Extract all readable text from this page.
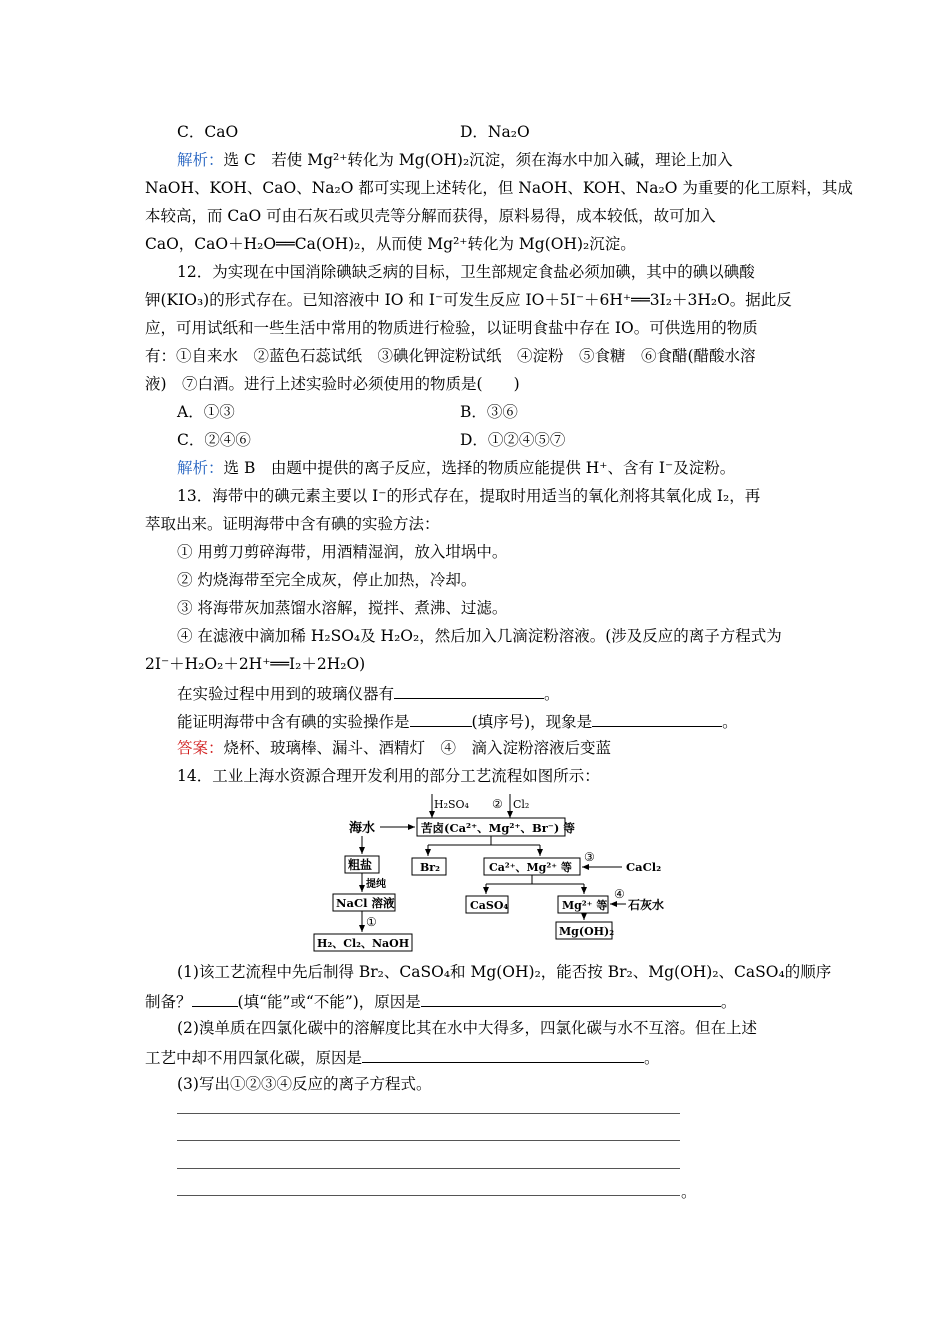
C．CaO	D．Na₂O
解析：选 C　若使 Mg²⁺转化为 Mg(OH)₂沉淀，须在海水中加入碱，理论上加入
NaOH、KOH、CaO、Na₂O 都可实现上述转化，但 NaOH、KOH、Na₂O 为重要的化工原料，其成
本较高，而 CaO 可由石灰石或贝壳等分解而获得，原料易得，成本较低，故可加入
CaO，CaO＋H₂O══Ca(OH)₂，从而使 Mg²⁺转化为 Mg(OH)₂沉淀。
12．为实现在中国消除碘缺乏病的目标，卫生部规定食盐必须加碘，其中的碘以碘酸
钾(KIO₃)的形式存在。已知溶液中 IO 和 I⁻可发生反应 IO＋5I⁻＋6H⁺══3I₂＋3H₂O。据此反
应，可用试纸和一些生活中常用的物质进行检验，以证明食盐中存在 IO。可供选用的物质
有：①自来水　②蓝色石蕊试纸　③碘化钾淀粉试纸　④淀粉　⑤食糖　⑥食醋(醋酸水溶
液)　⑦白酒。进行上述实验时必须使用的物质是(　　)
A．①③	B．③⑥
C．②④⑥	D．①②④⑤⑦
解析：选 B　由题中提供的离子反应，选择的物质应能提供 H⁺、含有 I⁻及淀粉。
13．海带中的碘元素主要以 I⁻的形式存在，提取时用适当的氧化剂将其氧化成 I₂，再
萃取出来。证明海带中含有碘的实验方法：
① 用剪刀剪碎海带，用酒精湿润，放入坩埚中。
② 灼烧海带至完全成灰，停止加热，冷却。
③ 将海带灰加蒸馏水溶解，搅拌、煮沸、过滤。
④ 在滤液中滴加稀 H₂SO₄及 H₂O₂，然后加入几滴淀粉溶液。(涉及反应的离子方程式为
2I⁻＋H₂O₂＋2H⁺══I₂＋2H₂O)
在实验过程中用到的玻璃仪器有	。
能证明海带中含有碘的实验操作是	(填序号)，现象是	。
答案：烧杯、玻璃棒、漏斗、酒精灯　④　滴入淀粉溶液后变蓝
14．工业上海水资源合理开发利用的部分工艺流程如图所示：
H₂SO₄ ② Cl₂
海水	苦卤(Ca²⁺、Mg²⁺、Br⁻) 等
粗盐
提纯
NaCl 溶液
①
H₂、Cl₂、NaOH
Br₂	Ca²⁺、Mg²⁺ 等
③
CaCl₂
CaSO₄	Mg²⁺ 等
④
石灰水
Mg(OH)₂
(1)该工艺流程中先后制得 Br₂、CaSO₄和 Mg(OH)₂，能否按 Br₂、Mg(OH)₂、CaSO₄的顺序
制备？	(填“能”或“不能”)，原因是	。
(2)溴单质在四氯化碳中的溶解度比其在水中大得多，四氯化碳与水不互溶。但在上述
工艺中却不用四氯化碳，原因是	。
(3)写出①②③④反应的离子方程式。
。
